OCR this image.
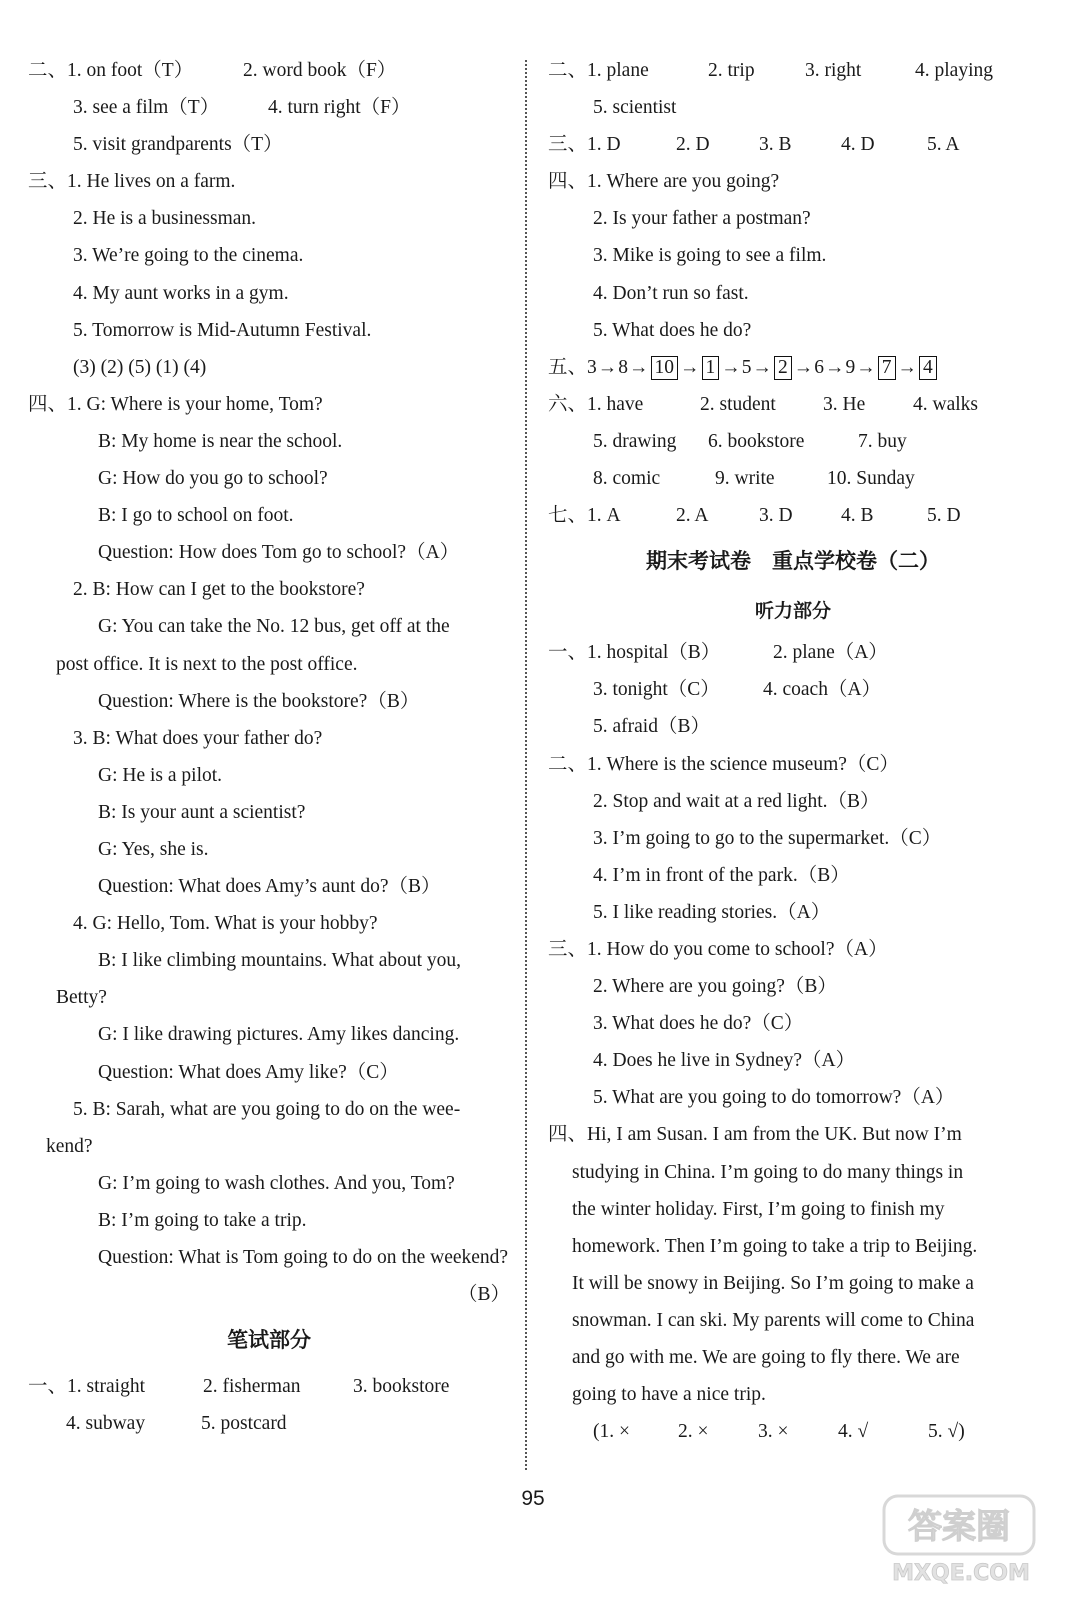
二、1. on foot（T）	2. word book（F）
3. see a film（T）	4. turn right（F）
5. visit grandparents（T）
三、1. He lives on a farm.
2. He is a businessman.
3. We’re going to the cinema.
4. My aunt works in a gym.
5. Tomorrow is Mid-Autumn Festival.
(3) (2) (5) (1) (4)
四、1. G: Where is your home, Tom?
B: My home is near the school.
G: How do you go to school?
B: I go to school on foot.
Question: How does Tom go to school?（A）
2. B: How can I get to the bookstore?
G: You can take the No. 12 bus, get off at the
post office. It is next to the post office.
Question: Where is the bookstore?（B）
3. B: What does your father do?
G: He is a pilot.
B: Is your aunt a scientist?
G: Yes, she is.
Question: What does Amy’s aunt do?（B）
4. G: Hello, Tom. What is your hobby?
B: I like climbing mountains. What about you,
Betty?
G: I like drawing pictures. Amy likes dancing.
Question: What does Amy like?（C）
5. B: Sarah, what are you going to do on the wee-
kend?
G: I’m going to wash clothes. And you, Tom?
B: I’m going to take a trip.
Question: What is Tom going to do on the weekend?
（B）
笔试部分
一、1. straight	2. fisherman	3. bookstore
4. subway	5. postcard
二、1. plane	2. trip	3. right	4. playing
5. scientist
三、1. D	2. D	3. B	4. D	5. A
四、1. Where are you going?
2. Is your father a postman?
3. Mike is going to see a film.
4. Don’t run so fast.
5. What does he do?
五、3→8→ 10 → 1 →5→ 2 →6→9→ 7 → 4
六、1. have	2. student 3. He 4. walks
5. drawing 6. bookstore	7. buy
8. comic	9. write	10. Sunday
七、1. A	2. A	3. D 4. B	5. D
期末考试卷　重点学校卷（二）
听力部分
一、1. hospital（B）	2. plane（A）
3. tonight（C） 4. coach（A）
5. afraid（B）
二、1. Where is the science museum?（C）
2. Stop and wait at a red light.（B）
3. I’m going to go to the supermarket.（C）
4. I’m in front of the park.（B）
5. I like reading stories.（A）
三、1. How do you come to school?（A）
2. Where are you going?（B）
3. What does he do?（C）
4. Does he live in Sydney?（A）
5. What are you going to do tomorrow?（A）
四、Hi, I am Susan. I am from the UK. But now I’m
studying in China. I’m going to do many things in
the winter holiday. First, I’m going to finish my
homework. Then I’m going to take a trip to Beijing.
It will be snowy in Beijing. So I’m going to make a
snowman. I can ski. My parents will come to China
and go with me. We are going to fly there. We are
going to have a nice trip.
(1. × 2. ×	3. ×	4. √	5. √)
95
答案圈
MXQE.COM
